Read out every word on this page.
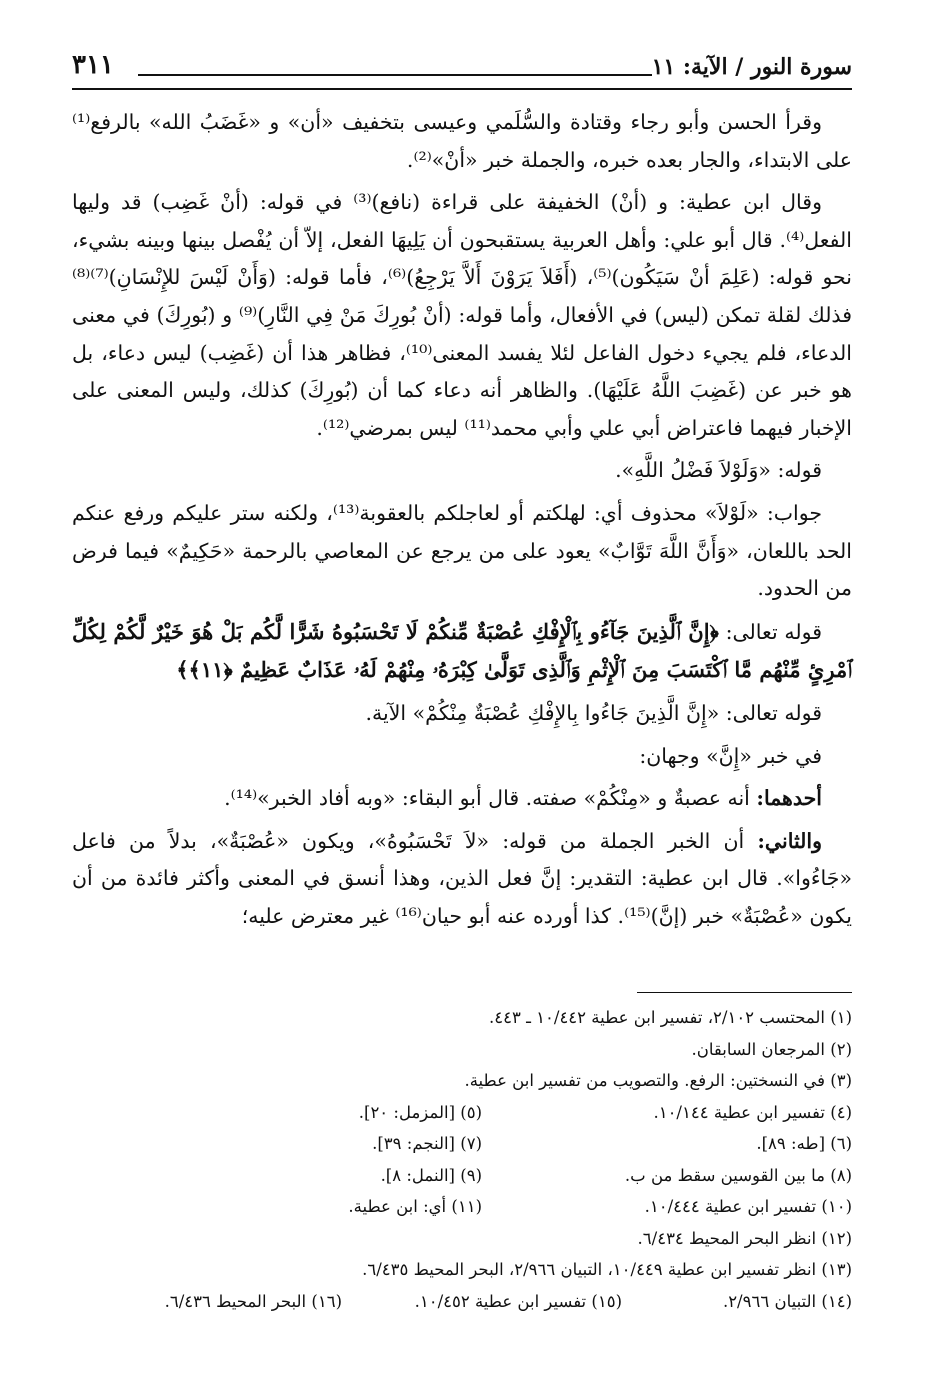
سورة النور / الآية: ١١
٣١١

وقرأ الحسن وأبو رجاء وقتادة والسُّلَمي وعيسى بتخفيف «أن» و «غَضَبُ الله» بالرفع⁽¹⁾ على الابتداء، والجار بعده خبره، والجملة خبر «أنْ»⁽²⁾.

وقال ابن عطية: و (أنْ) الخفيفة على قراءة (نافع)⁽³⁾ في قوله: (أنْ غَضِب) قد وليها الفعل⁽⁴⁾. قال أبو علي: وأهل العربية يستقبحون أن يَلِيهَا الفعل، إلاّ أن يُفْصل بينها وبينه بشيء، نحو قوله: (عَلِمَ أنْ سَيَكُون)⁽⁵⁾، (أَفَلاَ يَرَوْنَ أَلاَّ يَرْجِعُ)⁽⁶⁾، فأما قوله: (وَأَنْ لَيْسَ للإِنْسَانِ)⁽⁷⁾⁽⁸⁾ فذلك لقلة تمكن (ليس) في الأفعال، وأما قوله: (أنْ بُورِكَ مَنْ فِي النَّارِ)⁽⁹⁾ و (بُورِكَ) في معنى الدعاء، فلم يجيء دخول الفاعل لئلا يفسد المعنى⁽¹⁰⁾، فظاهر هذا أن (غَضِب) ليس دعاء، بل هو خبر عن (غَضِبَ اللَّهُ عَلَيْهَا). والظاهر أنه دعاء كما أن (بُورِكَ) كذلك، وليس المعنى على الإخبار فيهما فاعتراض أبي علي وأبي محمد⁽¹¹⁾ ليس بمرضي⁽¹²⁾.

قوله: «وَلَوْلاَ فَضْلُ اللَّهِ».

جواب: «لَوْلاَ» محذوف أي: لهلكتم أو لعاجلكم بالعقوبة⁽¹³⁾، ولكنه ستر عليكم ورفع عنكم الحد باللعان، «وَأَنَّ اللَّهَ تَوَّابٌ» يعود على من يرجع عن المعاصي بالرحمة «حَكِيمٌ» فيما فرض من الحدود.

قوله تعالى: ﴿إِنَّ ٱلَّذِينَ جَآءُو بِٱلْإِفْكِ عُصْبَةٌ مِّنكُمْ لَا تَحْسَبُوهُ شَرًّا لَّكُم بَلْ هُوَ خَيْرٌ لَّكُمْ لِكُلِّ ٱمْرِئٍ مِّنْهُم مَّا ٱكْتَسَبَ مِنَ ٱلْإِثْمِ وَٱلَّذِى تَوَلَّىٰ كِبْرَهُۥ مِنْهُمْ لَهُۥ عَذَابٌ عَظِيمٌ ﴿١١﴾﴾

قوله تعالى: «إِنَّ الَّذِينَ جَاءُوا بِالإِفْكِ عُصْبَةٌ مِنْكُمْ» الآية.

في خبر «إِنَّ» وجهان:

أحدهما: أنه عصبةٌ و «مِنْكُمْ» صفته. قال أبو البقاء: «وبه أفاد الخبر»⁽¹⁴⁾.

والثاني: أن الخبر الجملة من قوله: «لاَ تَحْسَبُوهُ»، ويكون «عُصْبَةٌ»، بدلاً من فاعل «جَاءُوا». قال ابن عطية: التقدير: إنَّ فعل الذين، وهذا أنسق في المعنى وأكثر فائدة من أن يكون «عُصْبَةٌ» خبر (إنَّ)⁽¹⁵⁾. كذا أورده عنه أبو حيان⁽¹⁶⁾ غير معترض عليه؛

(١) المحتسب ٢/١٠٢، تفسير ابن عطية ١٠/٤٤٢ ـ ٤٤٣.
(٢) المرجعان السابقان.
(٣) في النسختين: الرفع. والتصويب من تفسير ابن عطية.
(٤) تفسير ابن عطية ١٠/١٤٤.
(٥) [المزمل: ٢٠].
(٦) [طه: ٨٩].
(٧) [النجم: ٣٩].
(٨) ما بين القوسين سقط من ب.
(٩) [النمل: ٨].
(١٠) تفسير ابن عطية ١٠/٤٤٤.
(١١) أي: ابن عطية.
(١٢) انظر البحر المحيط ٦/٤٣٤.
(١٣) انظر تفسير ابن عطية ١٠/٤٤٩، التبيان ٢/٩٦٦، البحر المحيط ٦/٤٣٥.
(١٤) التبيان ٢/٩٦٦.
(١٥) تفسير ابن عطية ١٠/٤٥٢.
(١٦) البحر المحيط ٦/٤٣٦.
